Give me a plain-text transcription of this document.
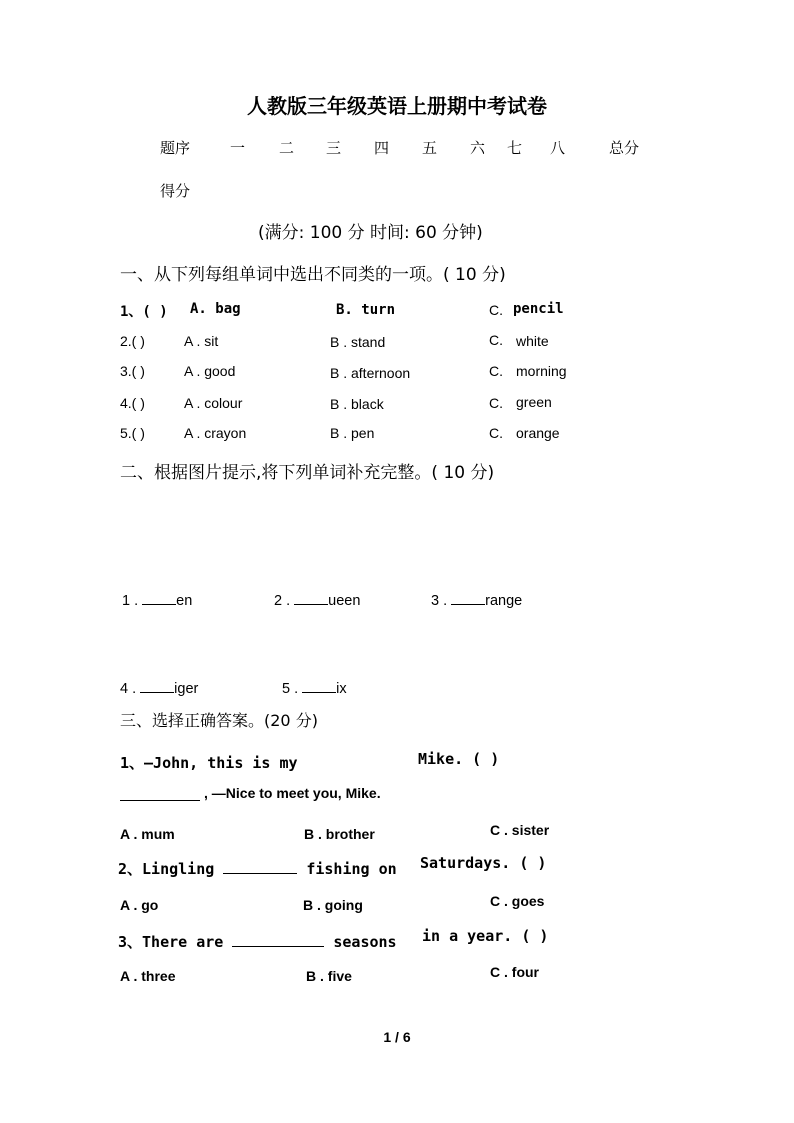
人教版三年级英语上册期中考试卷
题序	一 二 三 四 五 六 七 八	总分
得分
(满分: 100 分 时间: 60 分钟)
一、从下列每组单词中选出不同类的一项。( 10 分)
1、( ) A. bag	B. turn	C. pencil
2.( )	A . sit	B . stand	C. white
3.( )	A . good	B . afternoon	C. morning
4.( )	A . colour	B . black	C. green
5.( )	A . crayon	B . pen	C. orange
二、根据图片提示,将下列单词补充完整。( 10 分)
1 .	en	2 .	ueen	3 .	range
4 .	iger	5 .	ix
三、选择正确答案。(20 分)
1、—John, this is my	Mike. ( )
, —Nice to meet you, Mike.
A . mum	B . brother	C . sister
2、Lingling	fishing on Saturdays. ( )
A . go	B . going	C . goes
3、There are	seasons in a year. ( )
A . three	B . five	C . four
1 / 6
